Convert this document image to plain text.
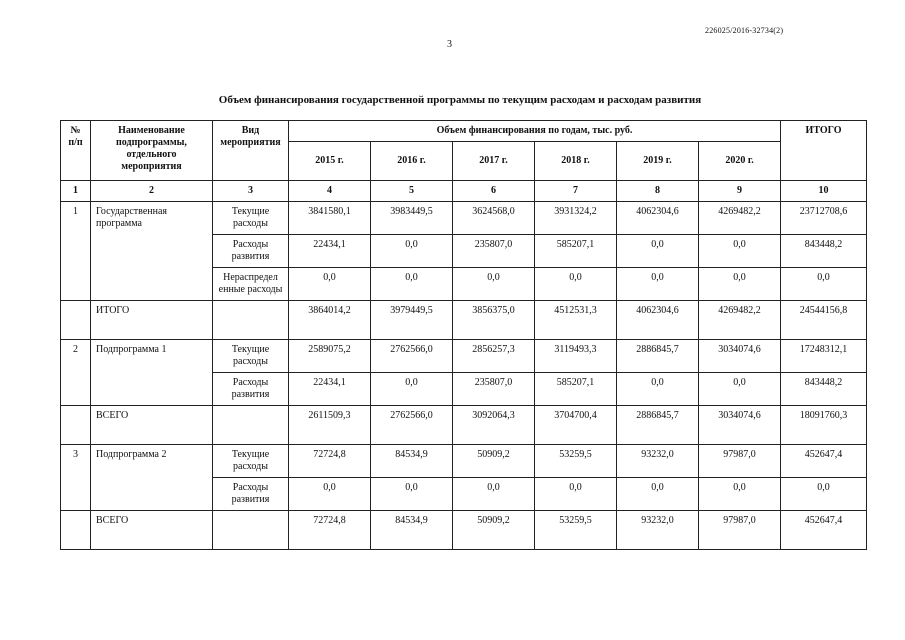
226025/2016-32734(2)
3
Объем финансирования государственной программы по текущим расходам и расходам развития
№ п/п	Наименование подпрограммы, отдельного мероприятия	Вид мероприятия	Объем финансирования по годам, тыс. руб.						ИТОГО
			2015 г.	2016 г.	2017 г.	2018 г.	2019 г.	2020 г.	
1	2	3	4	5	6	7	8	9	10
1	Государственная программа	Текущие расходы	3841580,1	3983449,5	3624568,0	3931324,2	4062304,6	4269482,2	23712708,6
		Расходы развития	22434,1	0,0	235807,0	585207,1	0,0	0,0	843448,2
		Нераспредел енные расходы	0,0	0,0	0,0	0,0	0,0	0,0	0,0
	ИТОГО		3864014,2	3979449,5	3856375,0	4512531,3	4062304,6	4269482,2	24544156,8
2	Подпрограмма 1	Текущие расходы	2589075,2	2762566,0	2856257,3	3119493,3	2886845,7	3034074,6	17248312,1
		Расходы развития	22434,1	0,0	235807,0	585207,1	0,0	0,0	843448,2
	ВСЕГО		2611509,3	2762566,0	3092064,3	3704700,4	2886845,7	3034074,6	18091760,3
3	Подпрограмма 2	Текущие расходы	72724,8	84534,9	50909,2	53259,5	93232,0	97987,0	452647,4
		Расходы развития	0,0	0,0	0,0	0,0	0,0	0,0	0,0
	ВСЕГО		72724,8	84534,9	50909,2	53259,5	93232,0	97987,0	452647,4
